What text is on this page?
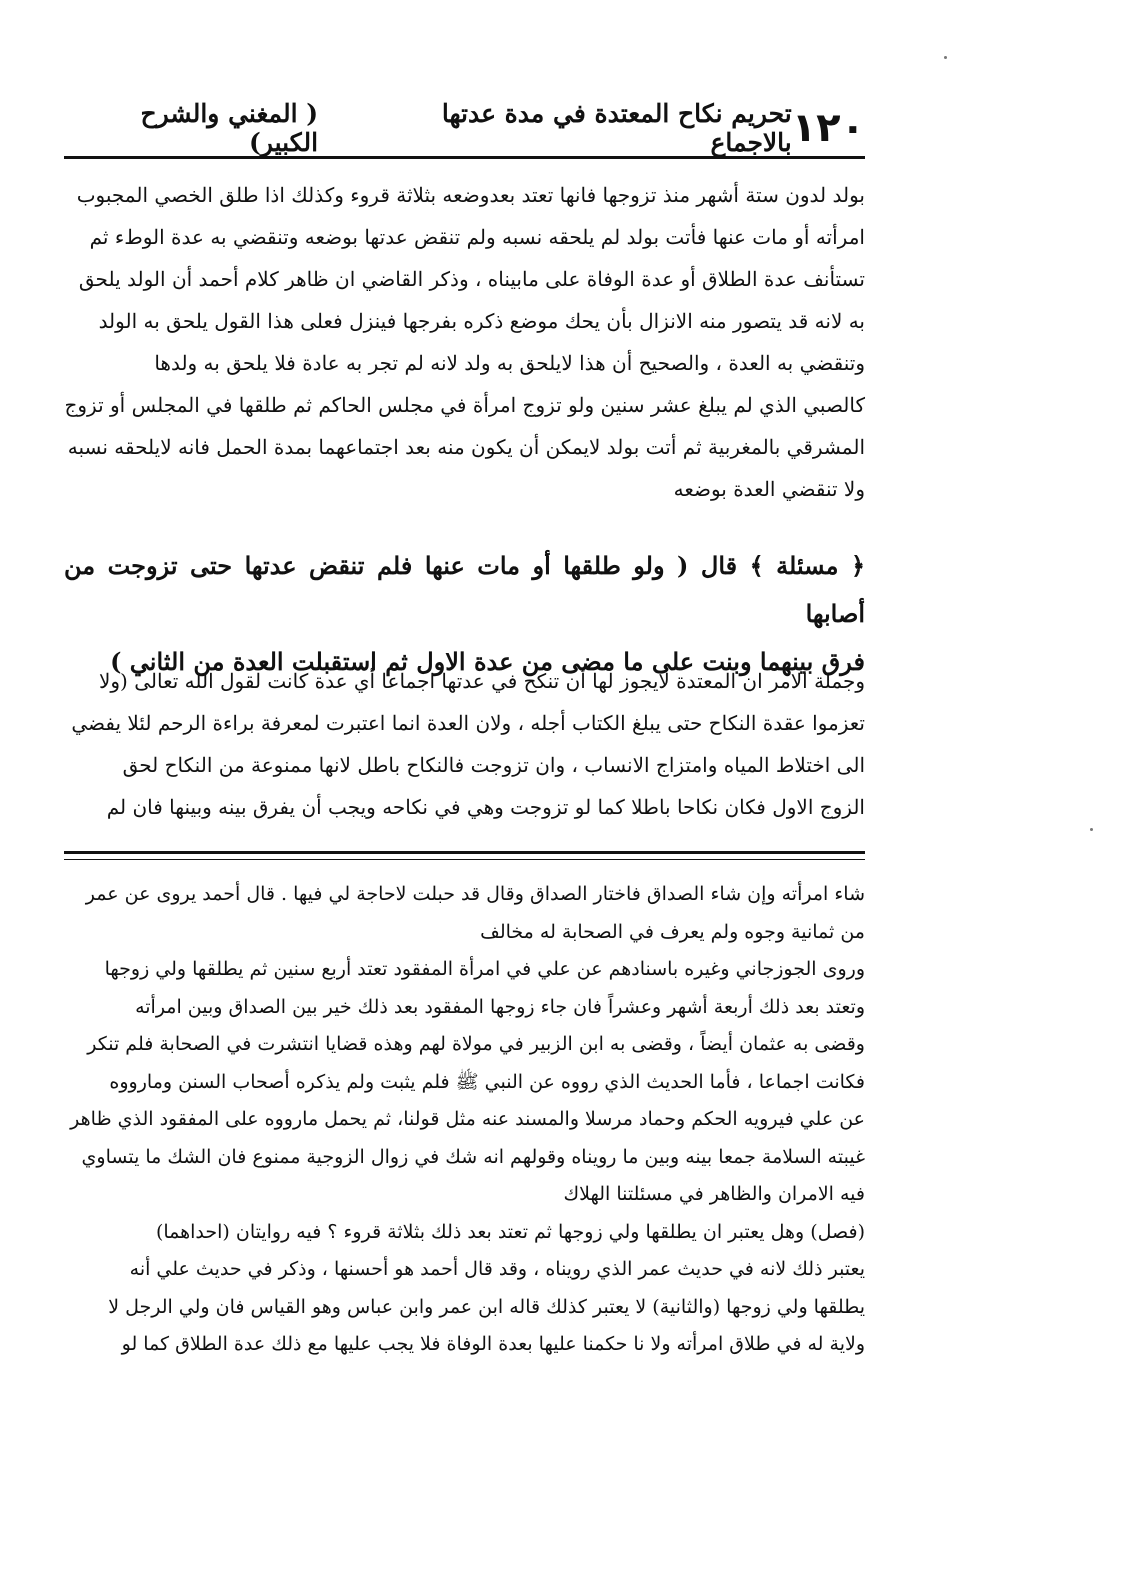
١٢٠
تحريم نكاح المعتدة في مدة عدتها بالاجماع
( المغني والشرح الكبير)

بولد لدون ستة أشهر منذ تزوجها فانها تعتد بعدوضعه بثلاثة قروء وكذلك اذا طلق الخصي المجبوب

امرأته أو مات عنها فأتت بولد لم يلحقه نسبه ولم تنقض عدتها بوضعه وتنقضي به عدة الوطء ثم

تستأنف عدة الطلاق أو عدة الوفاة على مابيناه ، وذكر القاضي ان ظاهر كلام أحمد أن الولد يلحق

به لانه قد يتصور منه الانزال بأن يحك موضع ذكره بفرجها فينزل فعلى هذا القول يلحق به الولد

وتنقضي به العدة ، والصحيح أن هذا لايلحق به ولد لانه لم تجر به عادة فلا يلحق به ولدها

كالصبي الذي لم يبلغ عشر سنين ولو تزوج امرأة في مجلس الحاكم ثم طلقها في المجلس أو تزوج

المشرقي بالمغربية ثم أتت بولد لايمكن أن يكون منه بعد اجتماعهما بمدة الحمل فانه لايلحقه نسبه

ولا تنقضي العدة بوضعه

﴿ مسئلة ﴾ قال ( ولو طلقها أو مات عنها فلم تنقض عدتها حتى تزوجت من أصابها

فرق بينهما وبنت على ما مضى من عدة الاول ثم استقبلت العدة من الثاني )

وجملة الامر ان المعتدة لايجوز لها أن تنكح في عدتها اجماعا أي عدة كانت لقول الله تعالى (ولا

تعزموا عقدة النكاح حتى يبلغ الكتاب أجله ، ولان العدة انما اعتبرت لمعرفة براءة الرحم لئلا يفضي

الى اختلاط المياه وامتزاج الانساب ، وان تزوجت فالنكاح باطل لانها ممنوعة من النكاح لحق

الزوج الاول فكان نكاحا باطلا كما لو تزوجت وهي في نكاحه ويجب أن يفرق بينه وبينها فان لم

شاء امرأته وإن شاء الصداق فاختار الصداق وقال قد حبلت لاحاجة لي فيها . قال أحمد يروى عن عمر

من ثمانية وجوه ولم يعرف في الصحابة له مخالف

وروى الجوزجاني وغيره باسنادهم عن علي في امرأة المفقود تعتد أربع سنين ثم يطلقها ولي زوجها

وتعتد بعد ذلك أربعة أشهر وعشراً فان جاء زوجها المفقود بعد ذلك خير بين الصداق وبين امرأته

وقضى به عثمان أيضاً ، وقضى به ابن الزبير في مولاة لهم وهذه قضايا انتشرت في الصحابة فلم تنكر

فكانت اجماعا ، فأما الحديث الذي رووه عن النبي ﷺ فلم يثبت ولم يذكره أصحاب السنن ومارووه

عن علي فيرويه الحكم وحماد مرسلا والمسند عنه مثل قولنا، ثم يحمل مارووه على المفقود الذي ظاهر

غيبته السلامة جمعا بينه وبين ما رويناه وقولهم انه شك في زوال الزوجية ممنوع فان الشك ما يتساوي

فيه الامران والظاهر في مسئلتنا الهلاك

(فصل) وهل يعتبر ان يطلقها ولي زوجها ثم تعتد بعد ذلك بثلاثة قروء ؟ فيه روايتان (احداهما)

يعتبر ذلك لانه في حديث عمر الذي رويناه ، وقد قال أحمد هو أحسنها ، وذكر في حديث علي أنه

يطلقها ولي زوجها (والثانية) لا يعتبر كذلك قاله ابن عمر وابن عباس وهو القياس فان ولي الرجل لا

ولاية له في طلاق امرأته ولا نا حكمنا عليها بعدة الوفاة فلا يجب عليها مع ذلك عدة الطلاق كما لو
